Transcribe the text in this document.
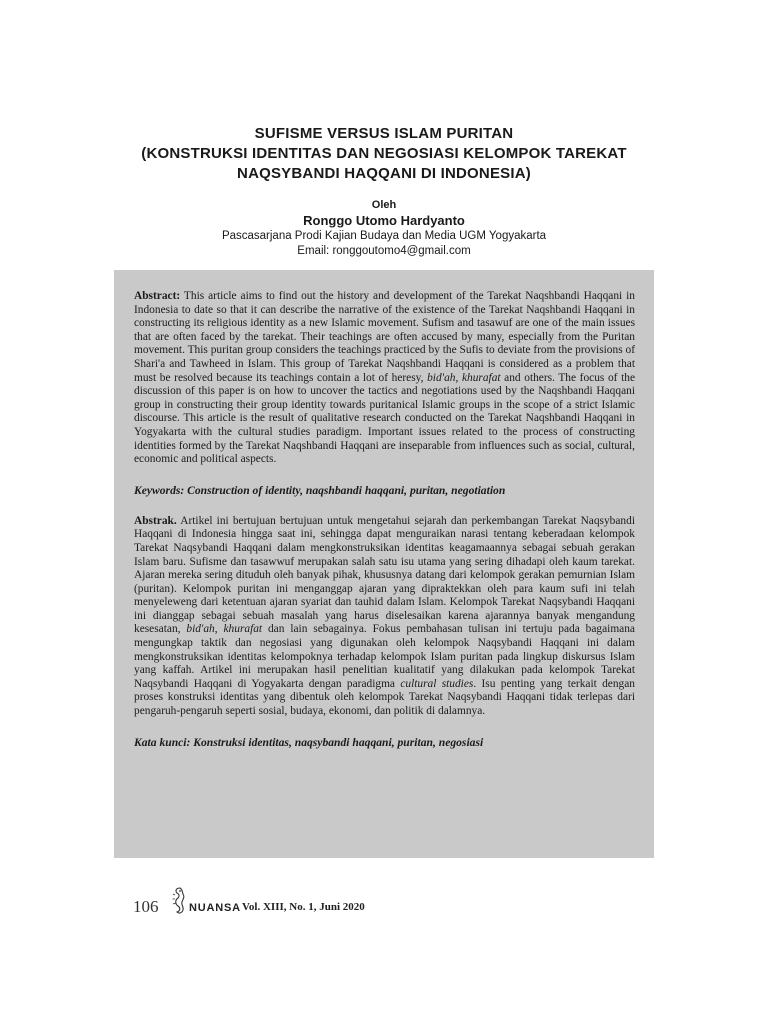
SUFISME VERSUS ISLAM PURITAN
(KONSTRUKSI IDENTITAS DAN NEGOSIASI KELOMPOK TAREKAT
NAQSYBANDI HAQQANI DI INDONESIA)
Oleh
Ronggo Utomo Hardyanto
Pascasarjana Prodi Kajian Budaya dan Media UGM Yogyakarta
Email: ronggoutomo4@gmail.com

Abstract: This article aims to find out the history and development of the Tarekat Naqshbandi Haqqani in Indonesia to date so that it can describe the narrative of the existence of the Tarekat Naqshbandi Haqqani in constructing its religious identity as a new Islamic movement. Sufism and tasawuf are one of the main issues that are often faced by the tarekat. Their teachings are often accused by many, especially from the Puritan movement. This puritan group considers the teachings practiced by the Sufis to deviate from the provisions of Shari'a and Tawheed in Islam. This group of Tarekat Naqshbandi Haqqani is considered as a problem that must be resolved because its teachings contain a lot of heresy, bid'ah, khurafat and others. The focus of the discussion of this paper is on how to uncover the tactics and negotiations used by the Naqshbandi Haqqani group in constructing their group identity towards puritanical Islamic groups in the scope of a strict Islamic discourse. This article is the result of qualitative research conducted on the Tarekat Naqshbandi Haqqani in Yogyakarta with the cultural studies paradigm. Important issues related to the process of constructing identities formed by the Tarekat Naqshbandi Haqqani are inseparable from influences such as social, cultural, economic and political aspects.

Keywords: Construction of identity, naqshbandi haqqani, puritan, negotiation

Abstrak. Artikel ini bertujuan bertujuan untuk mengetahui sejarah dan perkembangan Tarekat Naqsybandi Haqqani di Indonesia hingga saat ini, sehingga dapat menguraikan narasi tentang keberadaan kelompok Tarekat Naqsybandi Haqqani dalam mengkonstruksikan identitas keagamaannya sebagai sebuah gerakan Islam baru. Sufisme dan tasawwuf merupakan salah satu isu utama yang sering dihadapi oleh kaum tarekat. Ajaran mereka sering dituduh oleh banyak pihak, khususnya datang dari kelompok gerakan pemurnian Islam (puritan). Kelompok puritan ini menganggap ajaran yang dipraktekkan oleh para kaum sufi ini telah menyeleweng dari ketentuan ajaran syariat dan tauhid dalam Islam. Kelompok Tarekat Naqsybandi Haqqani ini dianggap sebagai sebuah masalah yang harus diselesaikan karena ajarannya banyak mengandung kesesatan, bid'ah, khurafat dan lain sebagainya. Fokus pembahasan tulisan ini tertuju pada bagaimana mengungkap taktik dan negosiasi yang digunakan oleh kelompok Naqsybandi Haqqani ini dalam mengkonstruksikan identitas kelompoknya terhadap kelompok Islam puritan pada lingkup diskursus Islam yang kaffah. Artikel ini merupakan hasil penelitian kualitatif yang dilakukan pada kelompok Tarekat Naqsybandi Haqqani di Yogyakarta dengan paradigma cultural studies. Isu penting yang terkait dengan proses konstruksi identitas yang dibentuk oleh kelompok Tarekat Naqsybandi Haqqani tidak terlepas dari pengaruh-pengaruh seperti sosial, budaya, ekonomi, dan politik di dalamnya.

Kata kunci: Konstruksi identitas, naqsybandi haqqani, puritan, negosiasi

106	NUANSA Vol. XIII, No. 1, Juni 2020
